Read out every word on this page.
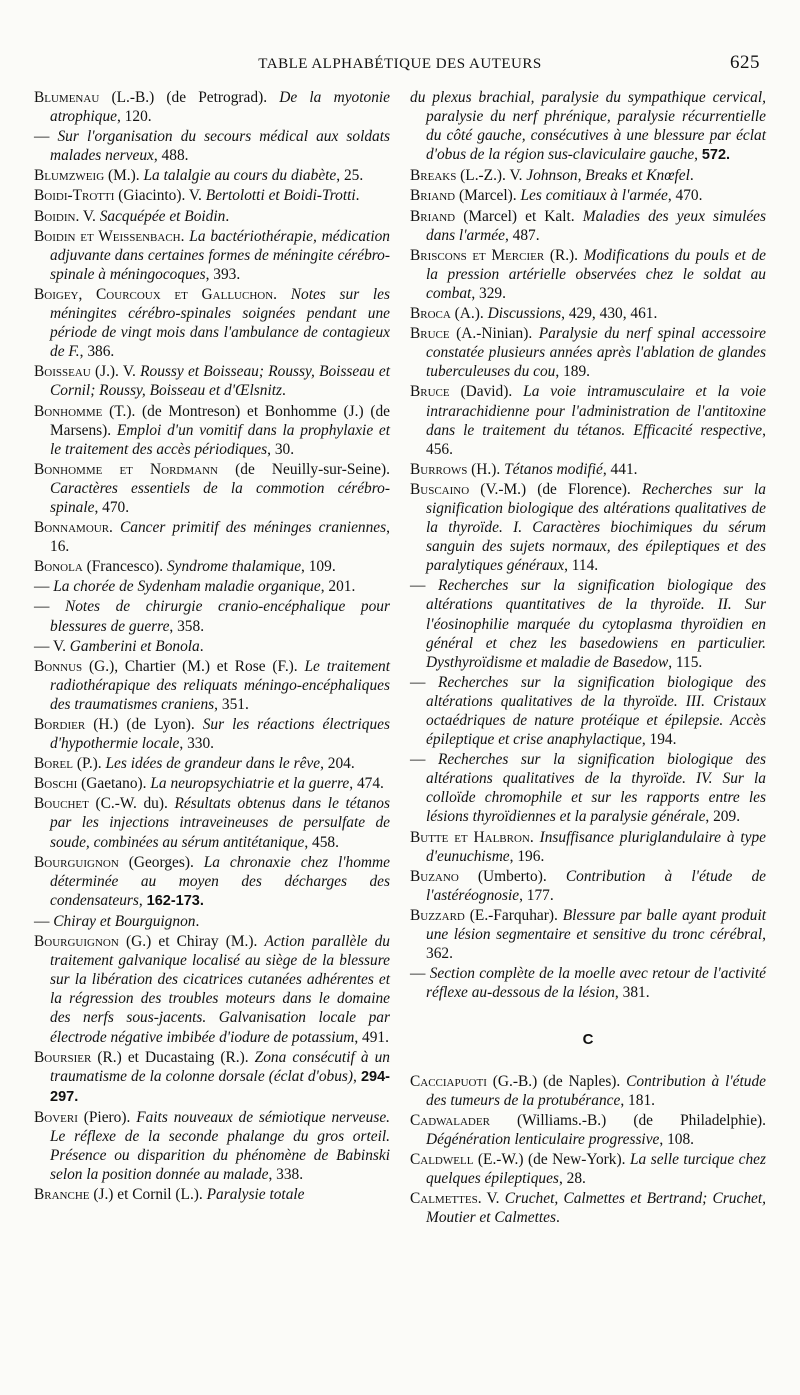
TABLE ALPHABÉTIQUE DES AUTEURS	625

Blumenau (L.-B.) (de Petrograd). De la myotonie atrophique, 120.

— Sur l'organisation du secours médical aux soldats malades nerveux, 488.

Blumzweig (M.). La talalgie au cours du diabète, 25.

Boidi-Trotti (Giacinto). V. Bertolotti et Boidi-Trotti.

Boidin. V. Sacquépée et Boidin.

Boidin et Weissenbach. La bactériothérapie, médication adjuvante dans certaines formes de méningite cérébro-spinale à méningocoques, 393.

Boigey, Courcoux et Galluchon. Notes sur les méningites cérébro-spinales soignées pendant une période de vingt mois dans l'ambulance de contagieux de F., 386.

Boisseau (J.). V. Roussy et Boisseau; Roussy, Boisseau et Cornil; Roussy, Boisseau et d'Œlsnitz.

Bonhomme (T.). (de Montreson) et Bonhomme (J.) (de Marsens). Emploi d'un vomitif dans la prophylaxie et le traitement des accès périodiques, 30.

Bonhomme et Nordmann (de Neuilly-sur-Seine). Caractères essentiels de la commotion cérébro-spinale, 470.

Bonnamour. Cancer primitif des méninges craniennes, 16.

Bonola (Francesco). Syndrome thalamique, 109.

— La chorée de Sydenham maladie organique, 201.

— Notes de chirurgie cranio-encéphalique pour blessures de guerre, 358.

— V. Gamberini et Bonola.

Bonnus (G.), Chartier (M.) et Rose (F.). Le traitement radiothérapique des reliquats méningo-encéphaliques des traumatismes craniens, 351.

Bordier (H.) (de Lyon). Sur les réactions électriques d'hypothermie locale, 330.

Borel (P.). Les idées de grandeur dans le rêve, 204.

Boschi (Gaetano). La neuropsychiatrie et la guerre, 474.

Bouchet (C.-W. du). Résultats obtenus dans le tétanos par les injections intraveineuses de persulfate de soude, combinées au sérum antitétanique, 458.

Bourguignon (Georges). La chronaxie chez l'homme déterminée au moyen des décharges des condensateurs, 162-173.

— Chiray et Bourguignon.

Bourguignon (G.) et Chiray (M.). Action parallèle du traitement galvanique localisé au siège de la blessure sur la libération des cicatrices cutanées adhérentes et la régression des troubles moteurs dans le domaine des nerfs sous-jacents. Galvanisation locale par électrode négative imbibée d'iodure de potassium, 491.

Boursier (R.) et Ducastaing (R.). Zona consécutif à un traumatisme de la colonne dorsale (éclat d'obus), 294-297.

Boveri (Piero). Faits nouveaux de sémiotique nerveuse. Le réflexe de la seconde phalange du gros orteil. Présence ou disparition du phénomène de Babinski selon la position donnée au malade, 338.

Branche (J.) et Cornil (L.). Paralysie totale

du plexus brachial, paralysie du sympathique cervical, paralysie du nerf phrénique, paralysie récurrentielle du côté gauche, consécutives à une blessure par éclat d'obus de la région sus-claviculaire gauche, 572.

Breaks (L.-Z.). V. Johnson, Breaks et Knœfel.

Briand (Marcel). Les comitiaux à l'armée, 470.

Briand (Marcel) et Kalt. Maladies des yeux simulées dans l'armée, 487.

Briscons et Mercier (R.). Modifications du pouls et de la pression artérielle observées chez le soldat au combat, 329.

Broca (A.). Discussions, 429, 430, 461.

Bruce (A.-Ninian). Paralysie du nerf spinal accessoire constatée plusieurs années après l'ablation de glandes tuberculeuses du cou, 189.

Bruce (David). La voie intramusculaire et la voie intrarachidienne pour l'administration de l'antitoxine dans le traitement du tétanos. Efficacité respective, 456.

Burrows (H.). Tétanos modifié, 441.

Buscaino (V.-M.) (de Florence). Recherches sur la signification biologique des altérations qualitatives de la thyroïde. I. Caractères biochimiques du sérum sanguin des sujets normaux, des épileptiques et des paralytiques généraux, 114.

— Recherches sur la signification biologique des altérations quantitatives de la thyroïde. II. Sur l'éosinophilie marquée du cytoplasma thyroïdien en général et chez les basedowiens en particulier. Dysthyroïdisme et maladie de Basedow, 115.

— Recherches sur la signification biologique des altérations qualitatives de la thyroïde. III. Cristaux octaédriques de nature protéique et épilepsie. Accès épileptique et crise anaphylactique, 194.

— Recherches sur la signification biologique des altérations qualitatives de la thyroïde. IV. Sur la colloïde chromophile et sur les rapports entre les lésions thyroïdiennes et la paralysie générale, 209.

Butte et Halbron. Insuffisance pluriglandulaire à type d'eunuchisme, 196.

Buzano (Umberto). Contribution à l'étude de l'astéréognosie, 177.

Buzzard (E.-Farquhar). Blessure par balle ayant produit une lésion segmentaire et sensitive du tronc cérébral, 362.

— Section complète de la moelle avec retour de l'activité réflexe au-dessous de la lésion, 381.

C

Cacciapuoti (G.-B.) (de Naples). Contribution à l'étude des tumeurs de la protubérance, 181.

Cadwalader (Williams.-B.) (de Philadelphie). Dégénération lenticulaire progressive, 108.

Caldwell (E.-W.) (de New-York). La selle turcique chez quelques épileptiques, 28.

Calmettes. V. Cruchet, Calmettes et Bertrand; Cruchet, Moutier et Calmettes.
